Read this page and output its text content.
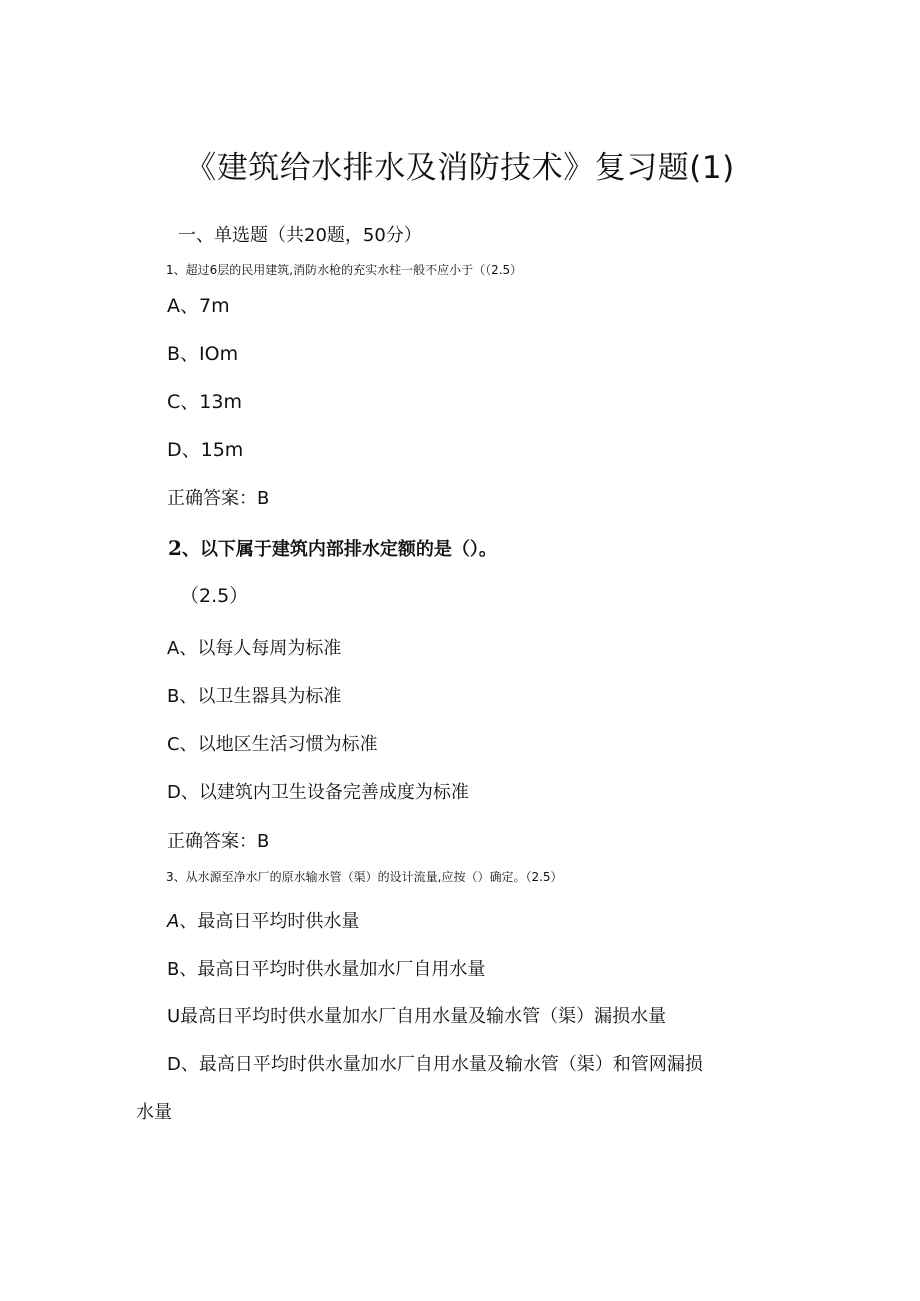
《建筑给水排水及消防技术》复习题(1)
一、单选题（共20题，50分）
1、超过6层的民用建筑,消防水枪的充实水柱一般不应小于（（2.5）
A、7m
B、IOm
C、13m
D、15m
正确答案：B
2、以下属于建筑内部排水定额的是（）。
（2.5）
A、以每人每周为标准
B、以卫生器具为标准
C、以地区生活习惯为标准
D、以建筑内卫生设备完善成度为标准
正确答案：B
3、从水源至净水厂的原水输水管（渠）的设计流量,应按（）确定。（2.5）
A、最高日平均时供水量
B、最高日平均时供水量加水厂自用水量
U最高日平均时供水量加水厂自用水量及输水管（渠）漏损水量
D、最高日平均时供水量加水厂自用水量及输水管（渠）和管网漏损
水量
